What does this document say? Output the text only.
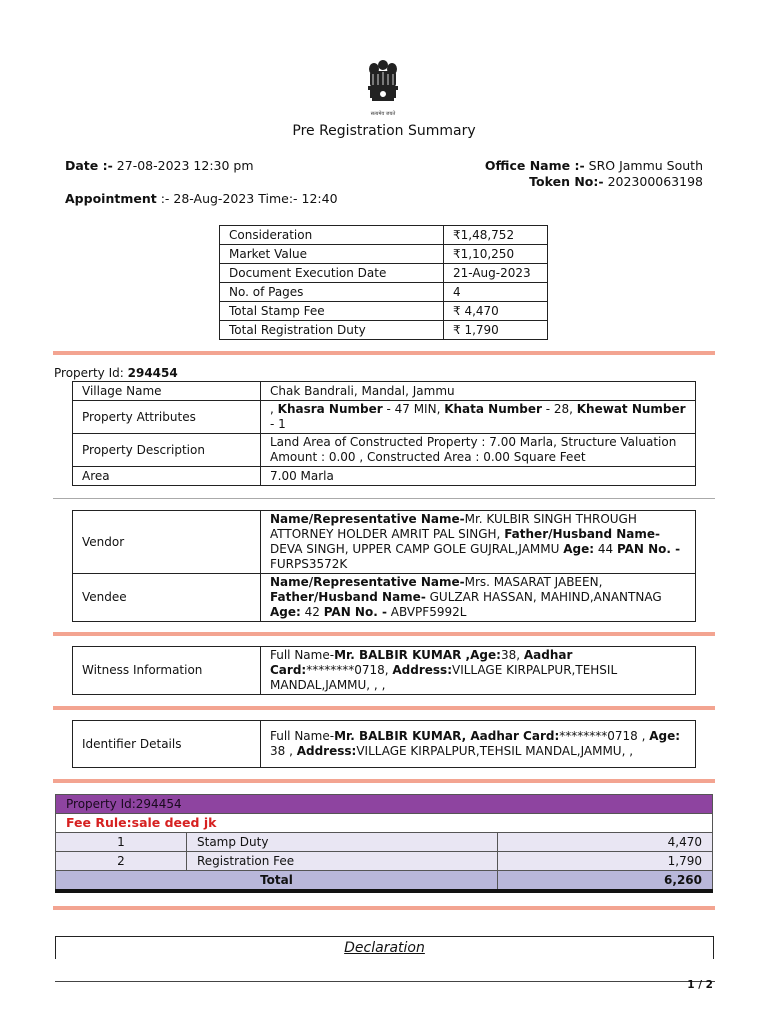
सत्यमेव जयते
Pre Registration Summary
Date :- 27-08-2023 12:30 pm	Office Name :- SRO Jammu South
Token No:- 202300063198
Appointment :- 28-Aug-2023 Time:- 12:40
Consideration	₹1,48,752
Market Value	₹1,10,250
Document Execution Date	21-Aug-2023
No. of Pages	4
Total Stamp Fee	₹ 4,470
Total Registration Duty	₹ 1,790
Property Id: 294454
Village Name	Chak Bandrali, Mandal, Jammu
Property Attributes	, Khasra Number - 47 MIN, Khata Number - 28, Khewat Number - 1
Property Description	Land Area of Constructed Property : 7.00 Marla, Structure Valuation Amount : 0.00 , Constructed Area : 0.00 Square Feet
Area	7.00 Marla
Vendor	Name/Representative Name-Mr. KULBIR SINGH THROUGH ATTORNEY HOLDER AMRIT PAL SINGH, Father/Husband Name- DEVA SINGH, UPPER CAMP GOLE GUJRAL,JAMMU Age: 44 PAN No. - FURPS3572K
Vendee	Name/Representative Name-Mrs. MASARAT JABEEN, Father/Husband Name- GULZAR HASSAN, MAHIND,ANANTNAG Age: 42 PAN No. - ABVPF5992L
Witness Information	Full Name-Mr. BALBIR KUMAR ,Age:38, Aadhar Card:********0718, Address:VILLAGE KIRPALPUR,TEHSIL MANDAL,JAMMU, , ,
Identifier Details	Full Name-Mr. BALBIR KUMAR, Aadhar Card:********0718 , Age: 38 , Address:VILLAGE KIRPALPUR,TEHSIL MANDAL,JAMMU, ,
Property Id:294454		
Fee Rule:sale deed jk		
1	Stamp Duty	4,470
2	Registration Fee	1,790
Total		6,260
Declaration
1 / 2
